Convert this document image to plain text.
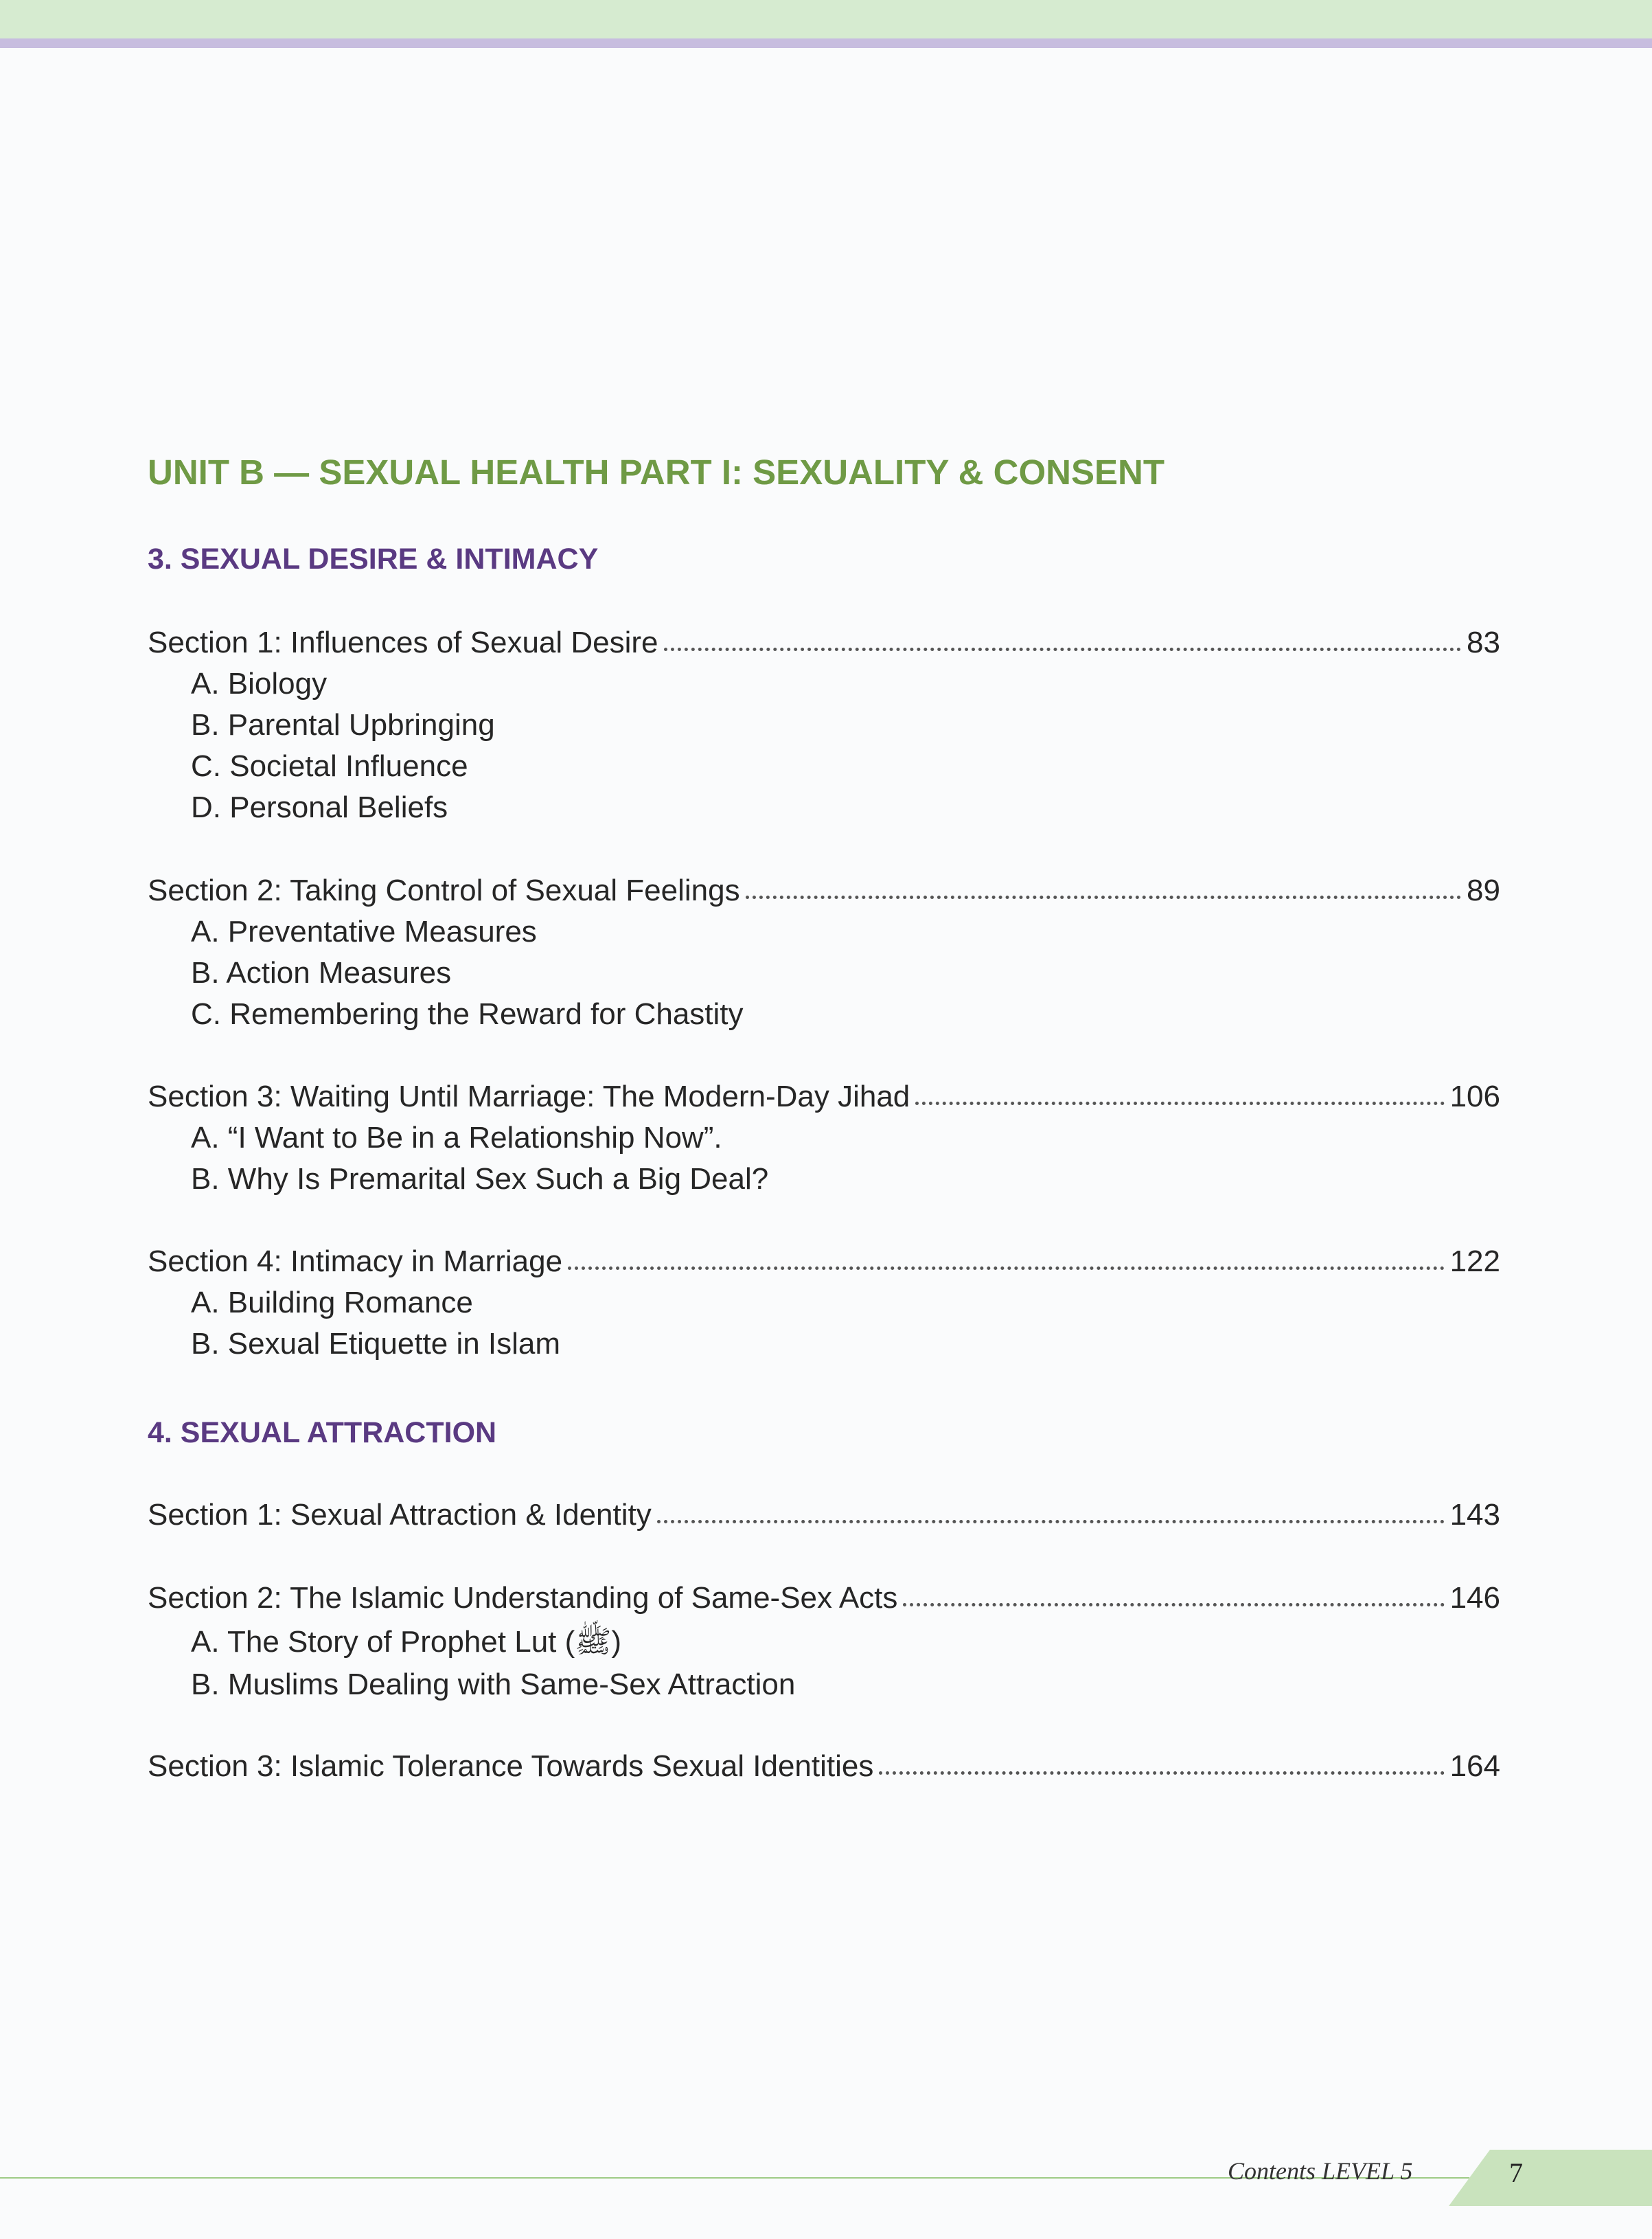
UNIT B — SEXUAL HEALTH PART I: SEXUALITY & CONSENT
3. SEXUAL DESIRE & INTIMACY
Section 1: Influences of Sexual Desire	83
A. Biology
B. Parental Upbringing
C. Societal Influence
D. Personal Beliefs
Section 2: Taking Control of Sexual Feelings	89
A. Preventative Measures
B. Action Measures
C. Remembering the Reward for Chastity
Section 3: Waiting Until Marriage: The Modern-Day Jihad	106
A. “I Want to Be in a Relationship Now”.
B. Why Is Premarital Sex Such a Big Deal?
Section 4: Intimacy in Marriage	122
A. Building Romance
B. Sexual Etiquette in Islam
4. SEXUAL ATTRACTION
Section 1: Sexual Attraction & Identity	143
Section 2: The Islamic Understanding of Same-Sex Acts	146
A. The Story of Prophet Lut (ﷺ)
B. Muslims Dealing with Same-Sex Attraction
Section 3: Islamic Tolerance Towards Sexual Identities	164
Contents LEVEL 5	7
